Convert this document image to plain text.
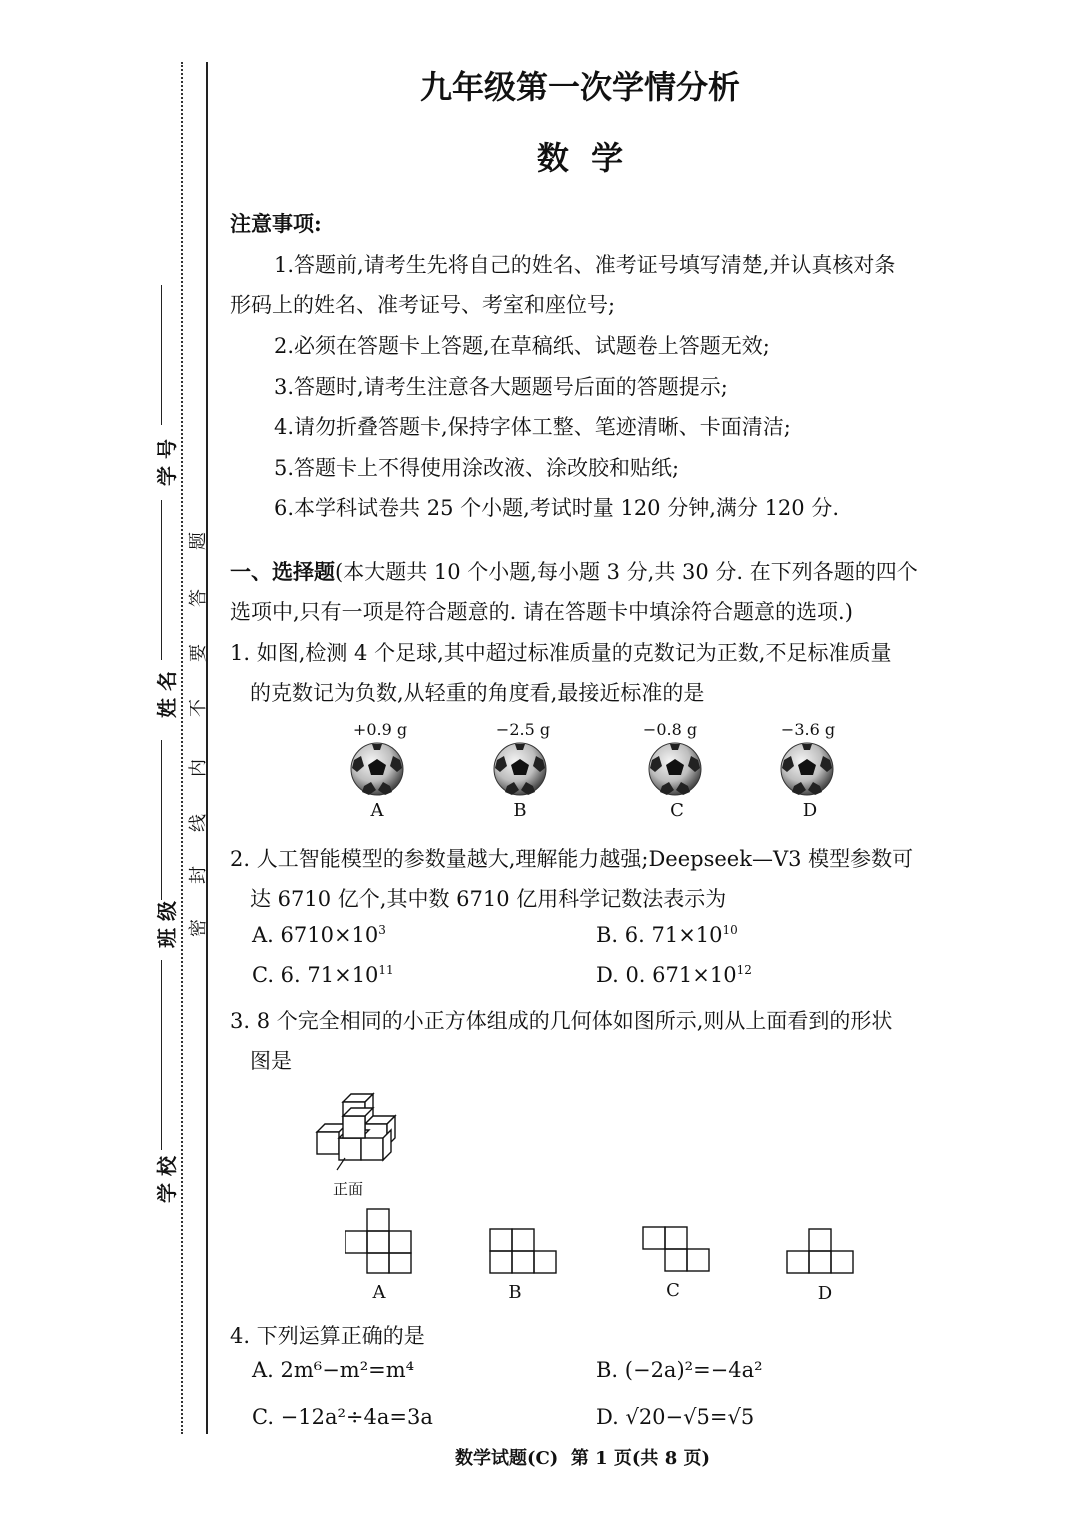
学 校
班 级
姓 名
学 号
密
封
线
内
不
要
答
题
九年级第一次学情分析
数  学
注意事项:
1.答题前,请考生先将自己的姓名、准考证号填写清楚,并认真核对条
形码上的姓名、准考证号、考室和座位号;
2.必须在答题卡上答题,在草稿纸、试题卷上答题无效;
3.答题时,请考生注意各大题题号后面的答题提示;
4.请勿折叠答题卡,保持字体工整、笔迹清晰、卡面清洁;
5.答题卡上不得使用涂改液、涂改胶和贴纸;
6.本学科试卷共 25 个小题,考试时量 120 分钟,满分 120 分.
一、选择题(本大题共 10 个小题,每小题 3 分,共 30 分. 在下列各题的四个
选项中,只有一项是符合题意的. 请在答题卡中填涂符合题意的选项.)
1. 如图,检测 4 个足球,其中超过标准质量的克数记为正数,不足标准质量
的克数记为负数,从轻重的角度看,最接近标准的是
+0.9 g
A
−2.5 g
B
−0.8 g
C
−3.6 g
D
2. 人工智能模型的参数量越大,理解能力越强;Deepseek—V3 模型参数可
达 6710 亿个,其中数 6710 亿用科学记数法表示为
A. $6710\times 10^3$	B. 6. $71\times 10^{10}$
C. 6. $71\times 10^{11}$	D. 0. $671\times 10^{12}$
3. 8 个完全相同的小正方体组成的几何体如图所示,则从上面看到的形状
图是
正面
A	B	C	D
4. 下列运算正确的是
A. 2m⁶−m²=m⁴	B. (−2a)²=−4a²
C. −12a²÷4a=3a	D. √20−√5=√5
数学试题(C)  第 1 页(共 8 页)
